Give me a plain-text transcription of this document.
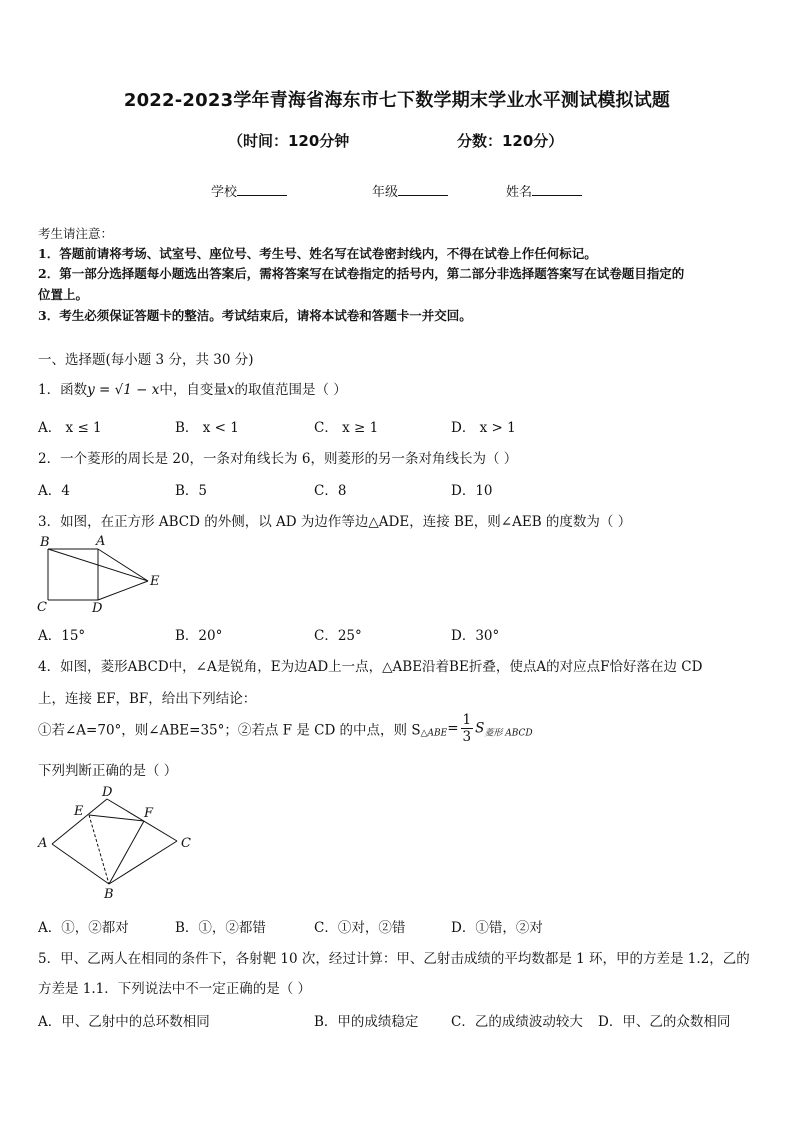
2022-2023学年青海省海东市七下数学期末学业水平测试模拟试题
（时间：120分钟	分数：120分）
学校	年级	姓名
考生请注意：
1．答题前请将考场、试室号、座位号、考生号、姓名写在试卷密封线内，不得在试卷上作任何标记。
2．第一部分选择题每小题选出答案后，需将答案写在试卷指定的括号内，第二部分非选择题答案写在试卷题目指定的
位置上。
3．考生必须保证答题卡的整洁。考试结束后，请将本试卷和答题卡一并交回。
一、选择题(每小题 3 分，共 30 分)
1．函数y = √1 − x中，自变量x的取值范围是（ ）
A． x ≤ 1	B． x < 1	C． x ≥ 1	D． x > 1
2．一个菱形的周长是 20，一条对角线长为 6，则菱形的另一条对角线长为（ ）
A．4	B．5	C．8	D．10
3．如图，在正方形 ABCD 的外侧，以 AD 为边作等边△ADE，连接 BE，则∠AEB 的度数为（ ）
B	A
E
C	D
A．15°	B．20°	C．25°	D．30°
4．如图，菱形ABCD中，∠A是锐角，E为边AD上一点，△ABE沿着BE折叠，使点A的对应点F恰好落在边 CD
上，连接 EF，BF，给出下列结论：
①若∠A=70°，则∠ABE=35°；②若点 F 是 CD 的中点，则 $S_{\triangle ABE}= \frac{1}{3} S_{菱形 ABCD}$
下列判断正确的是（ ）
D
E	F
A	C
B
A．①，②都对	B．①，②都错	C．①对，②错	D．①错，②对
5．甲、乙两人在相同的条件下，各射靶 10 次，经过计算：甲、乙射击成绩的平均数都是 1 环，甲的方差是 1.2，乙的
方差是 1.1．下列说法中不一定正确的是（ ）
A．甲、乙射中的总环数相同	B．甲的成绩稳定 C．乙的成绩波动较大 D．甲、乙的众数相同
